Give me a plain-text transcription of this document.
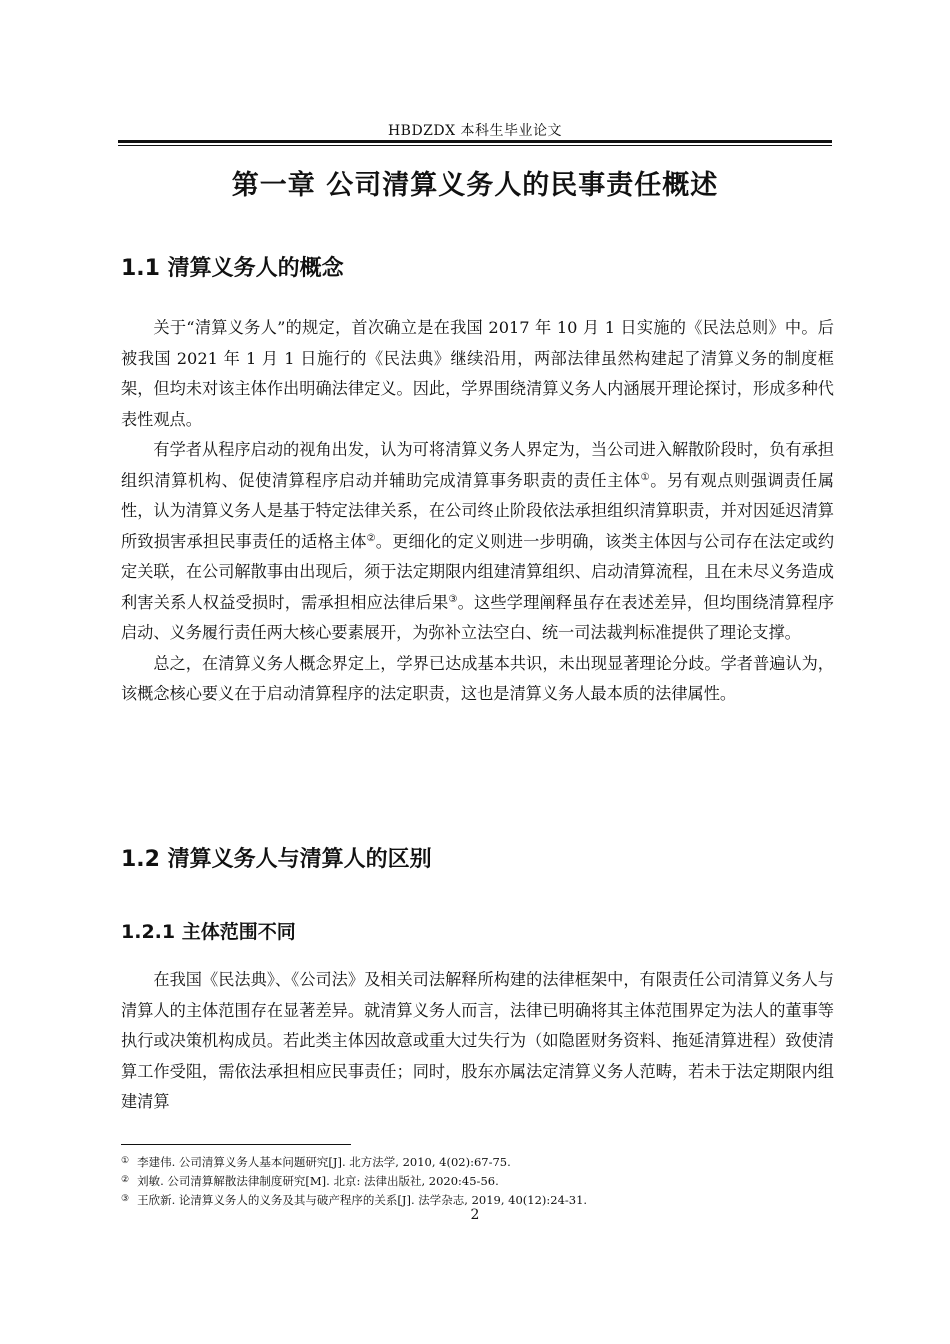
HBDZDX 本科生毕业论文
第一章 公司清算义务人的民事责任概述
1.1 清算义务人的概念

关于“清算义务人”的规定，首次确立是在我国 2017 年 10 月 1 日实施的《民法总则》中。后被我国 2021 年 1 月 1 日施行的《民法典》继续沿用，两部法律虽然构建起了清算义务的制度框架，但均未对该主体作出明确法律定义。因此，学界围绕清算义务人内涵展开理论探讨，形成多种代表性观点。

有学者从程序启动的视角出发，认为可将清算义务人界定为，当公司进入解散阶段时，负有承担组织清算机构、促使清算程序启动并辅助完成清算事务职责的责任主体①。另有观点则强调责任属性，认为清算义务人是基于特定法律关系，在公司终止阶段依法承担组织清算职责，并对因延迟清算所致损害承担民事责任的适格主体②。更细化的定义则进一步明确，该类主体因与公司存在法定或约定关联，在公司解散事由出现后，须于法定期限内组建清算组织、启动清算流程，且在未尽义务造成利害关系人权益受损时，需承担相应法律后果③。这些学理阐释虽存在表述差异，但均围绕清算程序启动、义务履行责任两大核心要素展开，为弥补立法空白、统一司法裁判标准提供了理论支撑。

总之，在清算义务人概念界定上，学界已达成基本共识，未出现显著理论分歧。学者普遍认为，该概念核心要义在于启动清算程序的法定职责，这也是清算义务人最本质的法律属性。

1.2 清算义务人与清算人的区别
1.2.1 主体范围不同

在我国《民法典》、《公司法》及相关司法解释所构建的法律框架中，有限责任公司清算义务人与清算人的主体范围存在显著差异。就清算义务人而言，法律已明确将其主体范围界定为法人的董事等执行或决策机构成员。若此类主体因故意或重大过失行为（如隐匿财务资料、拖延清算进程）致使清算工作受阻，需依法承担相应民事责任；同时，股东亦属法定清算义务人范畴，若未于法定期限内组建清算

① 李建伟. 公司清算义务人基本问题研究[J]. 北方法学, 2010, 4(02):67-75.
② 刘敏. 公司清算解散法律制度研究[M]. 北京: 法律出版社, 2020:45-56.
③ 王欣新. 论清算义务人的义务及其与破产程序的关系[J]. 法学杂志, 2019, 40(12):24-31.
2
